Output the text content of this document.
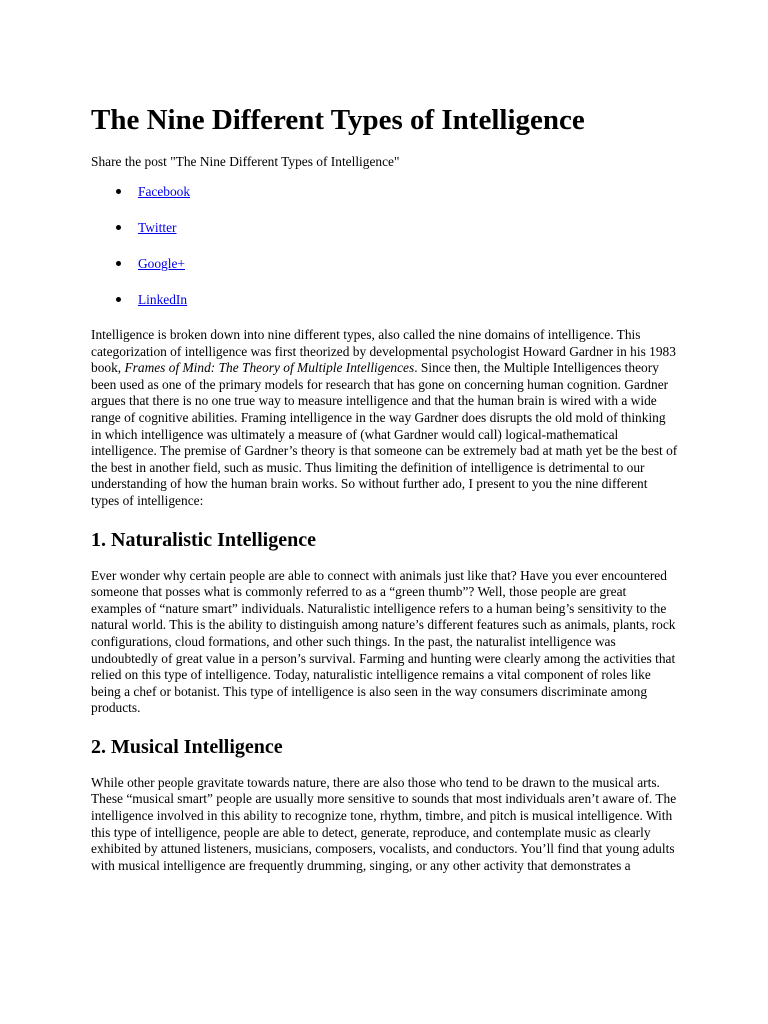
The Nine Different Types of Intelligence
Share the post "The Nine Different Types of Intelligence"
Facebook
Twitter
Google+
LinkedIn

Intelligence is broken down into nine different types, also called the nine domains of intelligence. This categorization of intelligence was first theorized by developmental psychologist Howard Gardner in his 1983 book, Frames of Mind: The Theory of Multiple Intelligences. Since then, the Multiple Intelligences theory been used as one of the primary models for research that has gone on concerning human cognition. Gardner argues that there is no one true way to measure intelligence and that the human brain is wired with a wide range of cognitive abilities. Framing intelligence in the way Gardner does disrupts the old mold of thinking in which intelligence was ultimately a measure of (what Gardner would call) logical-mathematical intelligence. The premise of Gardner’s theory is that someone can be extremely bad at math yet be the best of the best in another field, such as music. Thus limiting the definition of intelligence is detrimental to our understanding of how the human brain works. So without further ado, I present to you the nine different types of intelligence:

1. Naturalistic Intelligence

Ever wonder why certain people are able to connect with animals just like that? Have you ever encountered someone that posses what is commonly referred to as a “green thumb”? Well, those people are great examples of “nature smart” individuals. Naturalistic intelligence refers to a human being’s sensitivity to the natural world. This is the ability to distinguish among nature’s different features such as animals, plants, rock configurations, cloud formations, and other such things. In the past, the naturalist intelligence was undoubtedly of great value in a person’s survival. Farming and hunting were clearly among the activities that relied on this type of intelligence. Today, naturalistic intelligence remains a vital component of roles like being a chef or botanist. This type of intelligence is also seen in the way consumers discriminate among products.

2. Musical Intelligence

While other people gravitate towards nature, there are also those who tend to be drawn to the musical arts. These “musical smart” people are usually more sensitive to sounds that most individuals aren’t aware of. The intelligence involved in this ability to recognize tone, rhythm, timbre, and pitch is musical intelligence. With this type of intelligence, people are able to detect, generate, reproduce, and contemplate music as clearly exhibited by attuned listeners, musicians, composers, vocalists, and conductors. You’ll find that young adults with musical intelligence are frequently drumming, singing, or any other activity that demonstrates a
